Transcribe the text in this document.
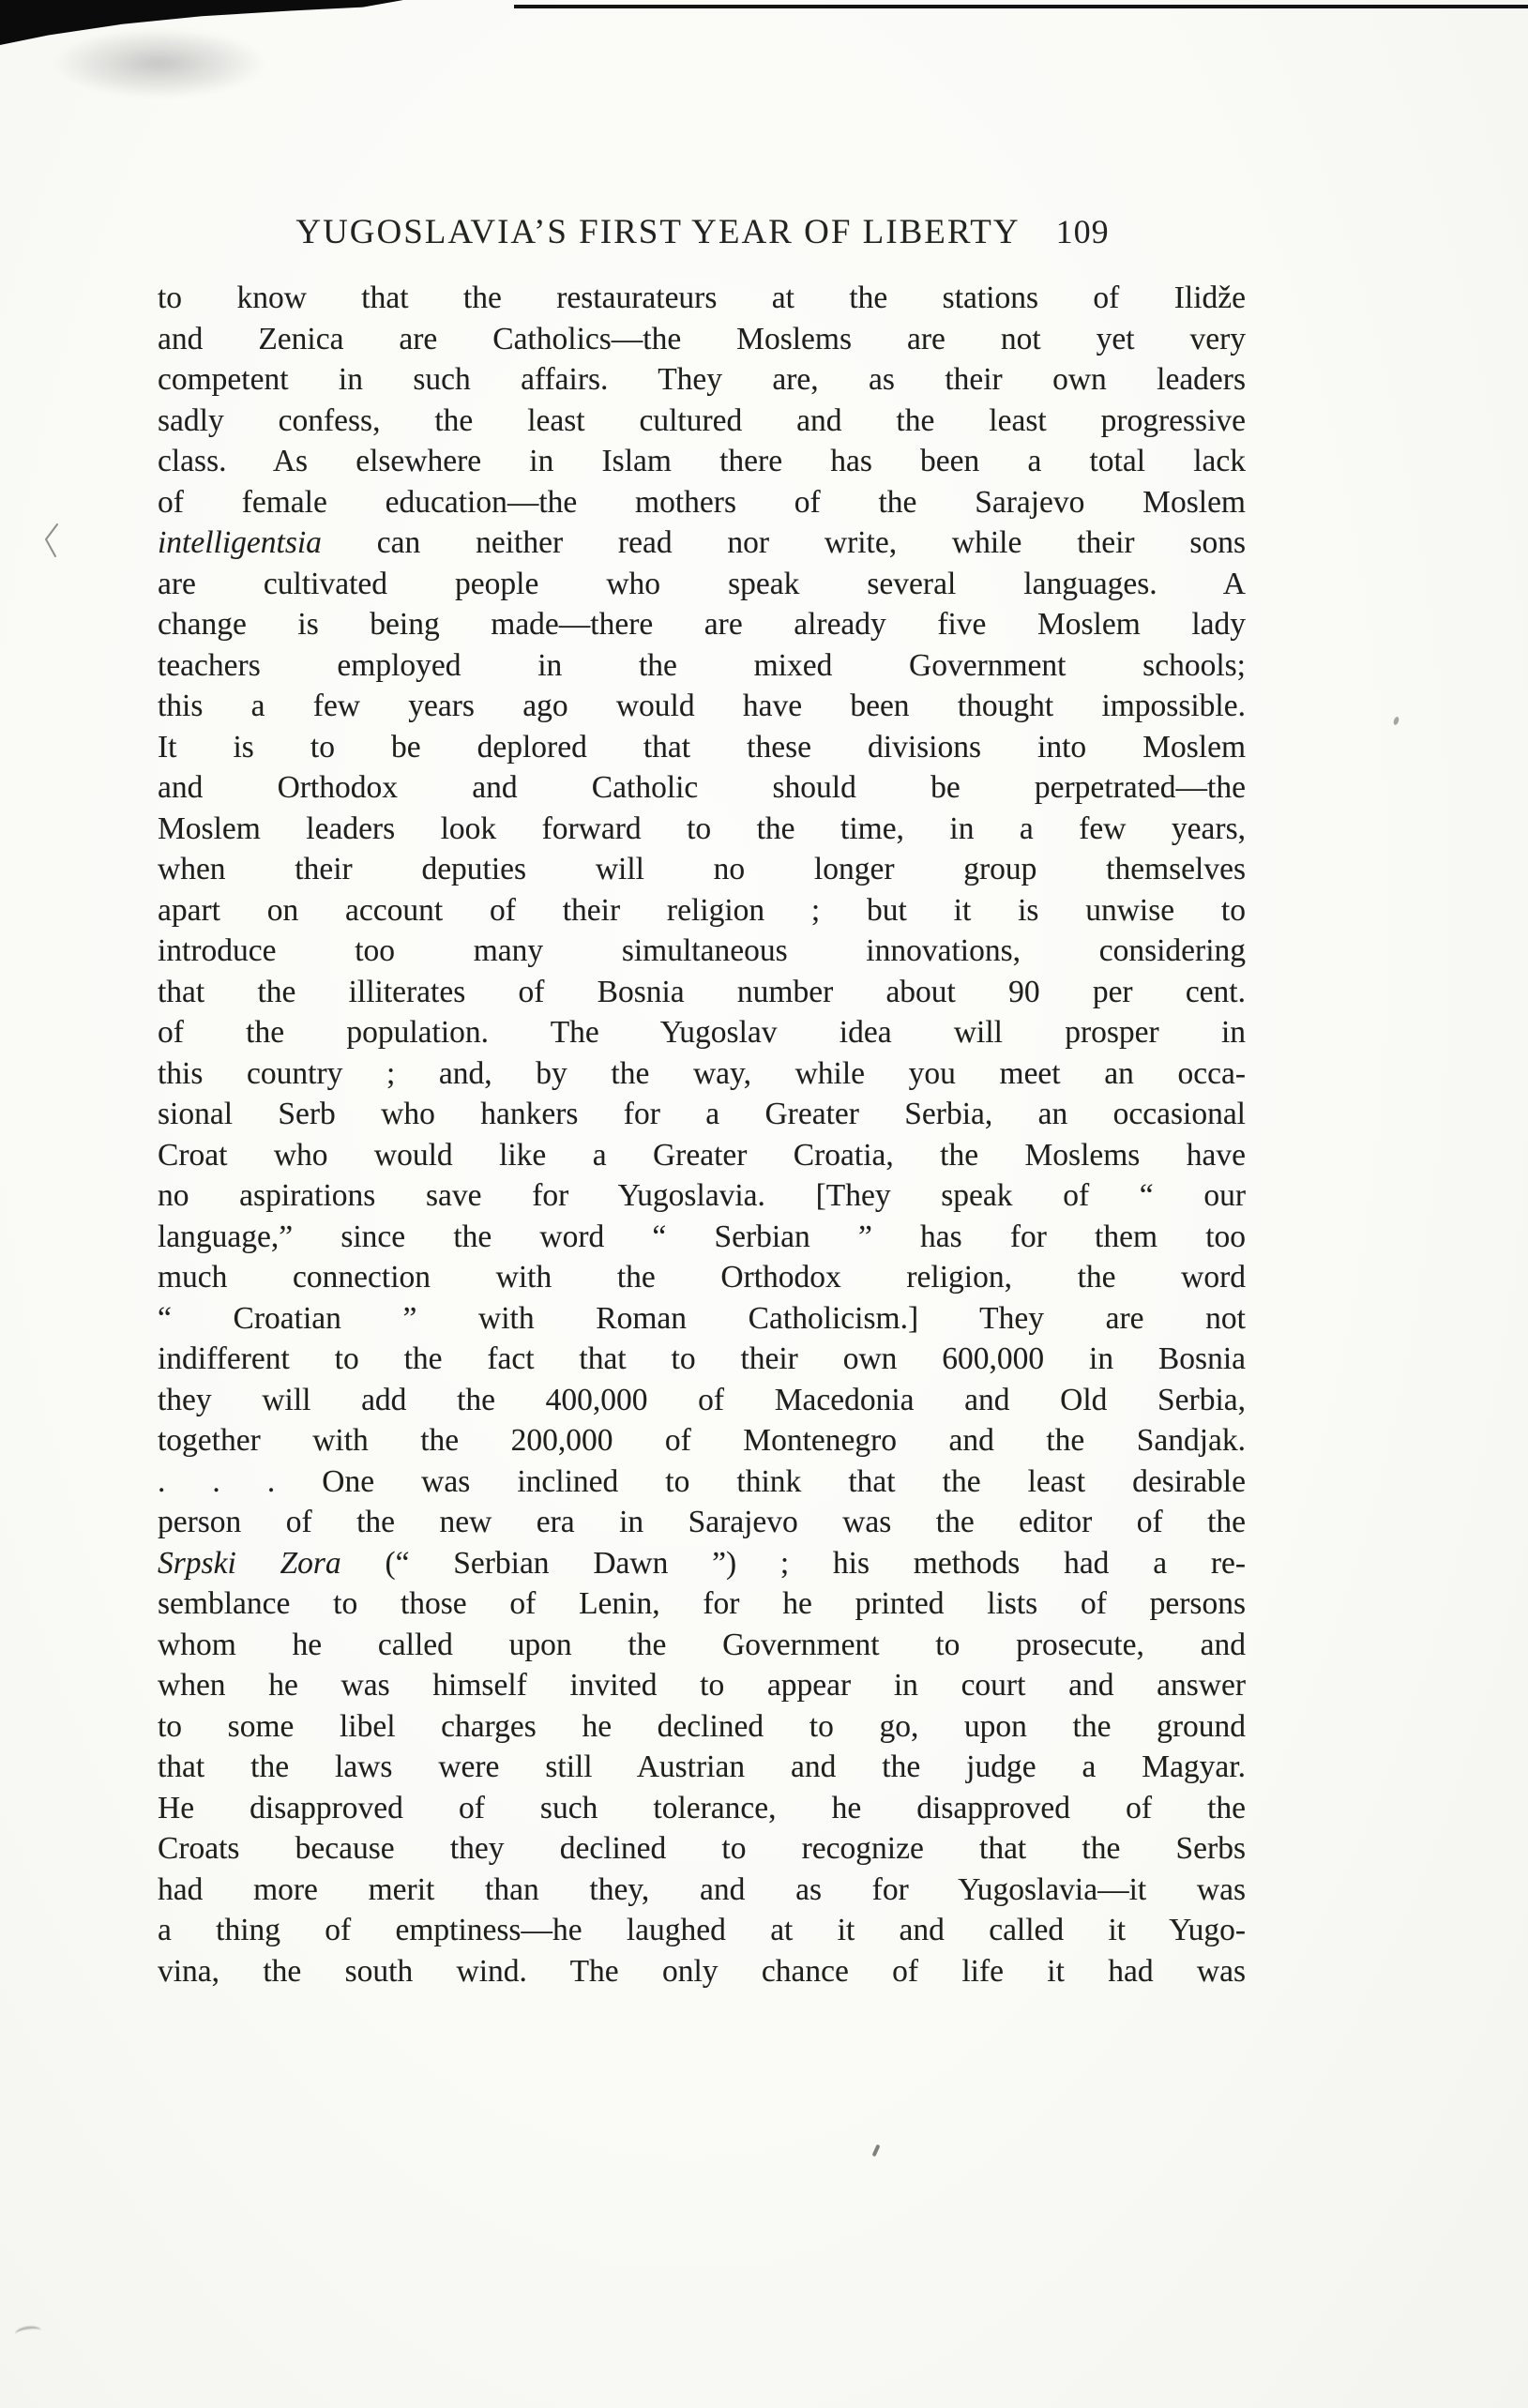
YUGOSLAVIA’S FIRST YEAR OF LIBERTY 109
to know that the restaurateurs at the stations of Ilidže
and Zenica are Catholics—the Moslems are not yet very
competent in such affairs. They are, as their own leaders
sadly confess, the least cultured and the least progressive
class. As elsewhere in Islam there has been a total lack
of female education—the mothers of the Sarajevo Moslem
intelligentsia can neither read nor write, while their sons
are cultivated people who speak several languages. A
change is being made—there are already five Moslem lady
teachers employed in the mixed Government schools;
this a few years ago would have been thought impossible.
It is to be deplored that these divisions into Moslem
and Orthodox and Catholic should be perpetrated—the
Moslem leaders look forward to the time, in a few years,
when their deputies will no longer group themselves
apart on account of their religion ; but it is unwise to
introduce too many simultaneous innovations, considering
that the illiterates of Bosnia number about 90 per cent.
of the population. The Yugoslav idea will prosper in
this country ; and, by the way, while you meet an occa-
sional Serb who hankers for a Greater Serbia, an occasional
Croat who would like a Greater Croatia, the Moslems have
no aspirations save for Yugoslavia. [They speak of “ our
language,” since the word “ Serbian ” has for them too
much connection with the Orthodox religion, the word
“ Croatian ” with Roman Catholicism.] They are not
indifferent to the fact that to their own 600,000 in Bosnia
they will add the 400,000 of Macedonia and Old Serbia,
together with the 200,000 of Montenegro and the Sandjak.
. . . One was inclined to think that the least desirable
person of the new era in Sarajevo was the editor of the
Srpski Zora (“ Serbian Dawn ”) ; his methods had a re-
semblance to those of Lenin, for he printed lists of persons
whom he called upon the Government to prosecute, and
when he was himself invited to appear in court and answer
to some libel charges he declined to go, upon the ground
that the laws were still Austrian and the judge a Magyar.
He disapproved of such tolerance, he disapproved of the
Croats because they declined to recognize that the Serbs
had more merit than they, and as for Yugoslavia—it was
a thing of emptiness—he laughed at it and called it Yugo-
vina, the south wind. The only chance of life it had was
